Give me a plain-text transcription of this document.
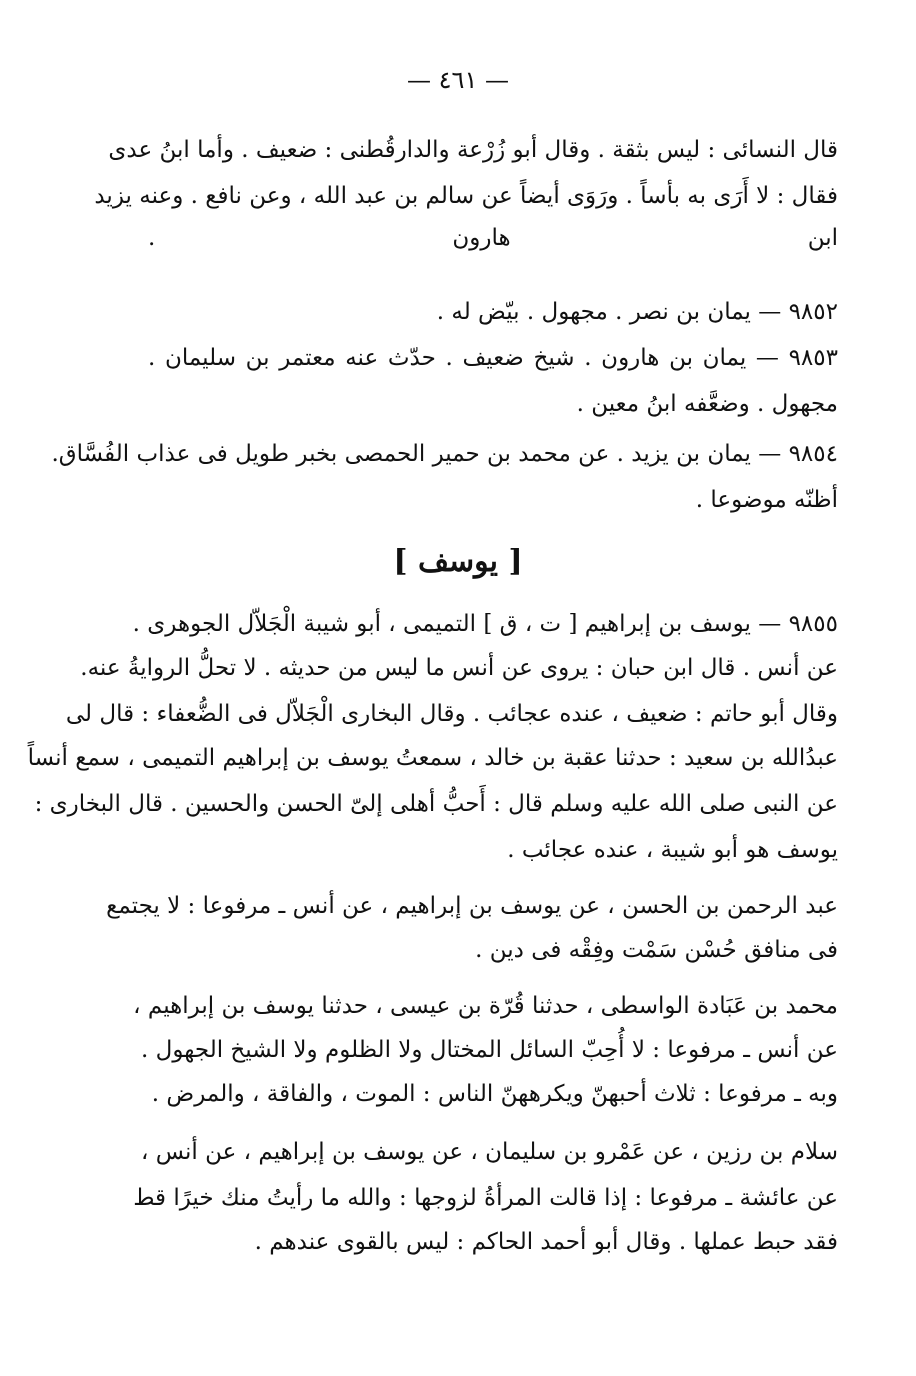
— ٤٦١ —
قال النسائى : ليس بثقة . وقال أبو زُرْعة والدارقُطنى : ضعيف . وأما ابنُ عدى
فقال : لا أَرَى به بأساً . ورَوَى أيضاً عن سالم بن عبد الله ، وعن نافع . وعنه يزيد
ابن هارون .
٩٨٥٢ — يمان بن نصر . مجهول . بيّض له .
٩٨٥٣ — يمان بن هارون . شيخ ضعيف . حدّث عنه معتمر بن سليمان .
مجهول . وضعَّفه ابنُ معين .
٩٨٥٤ — يمان بن يزيد . عن محمد بن حمير الحمصى بخبر طويل فى عذاب الفُسَّاق.
أظنّه موضوعا .
[ يوسف ]
٩٨٥٥ — يوسف بن إبراهيم [ ت ، ق ] التميمى ، أبو شيبة الْجَلاّل الجوهرى .
عن أنس . قال ابن حبان : يروى عن أنس ما ليس من حديثه . لا تحلُّ الروايةُ عنه.
وقال أبو حاتم : ضعيف ، عنده عجائب . وقال البخارى الْجَلاّل فى الضُّعفاء : قال لى
عبدُالله بن سعيد : حدثنا عقبة بن خالد ، سمعتُ يوسف بن إبراهيم التميمى ، سمع أنساً
عن النبى صلى الله عليه وسلم قال : أَحبُّ أهلى إلىّ الحسن والحسين . قال البخارى :
يوسف هو أبو شيبة ، عنده عجائب .
عبد الرحمن بن الحسن ، عن يوسف بن إبراهيم ، عن أنس ـ مرفوعا : لا يجتمع
فى منافق حُسْن سَمْت وفِقْه فى دين .
محمد بن عَبَادة الواسطى ، حدثنا قُرّة بن عيسى ، حدثنا يوسف بن إبراهيم ،
عن أنس ـ مرفوعا : لا أُحِبّ السائل المختال ولا الظلوم ولا الشيخ الجهول .
وبه ـ مرفوعا : ثلاث أحبهنّ ويكرههنّ الناس : الموت ، والفاقة ، والمرض .
سلام بن رزين ، عن عَمْرو بن سليمان ، عن يوسف بن إبراهيم ، عن أنس ،
عن عائشة ـ مرفوعا : إذا قالت المرأةُ لزوجها : والله ما رأيتُ منك خيرًا قط
فقد حبط عملها . وقال أبو أحمد الحاكم : ليس بالقوى عندهم .
